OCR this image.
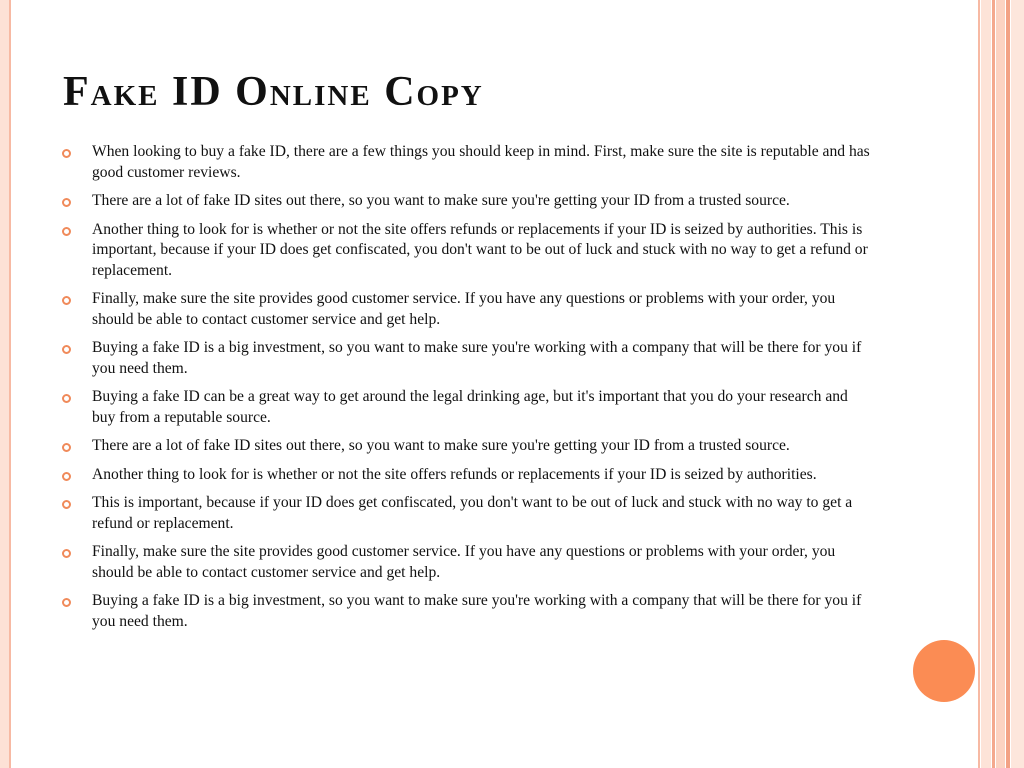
Fake ID Online Copy
When looking to buy a fake ID, there are a few things you should keep in mind. First, make sure the site is reputable and has good customer reviews.
There are a lot of fake ID sites out there, so you want to make sure you're getting your ID from a trusted source.
Another thing to look for is whether or not the site offers refunds or replacements if your ID is seized by authorities. This is important, because if your ID does get confiscated, you don't want to be out of luck and stuck with no way to get a refund or replacement.
Finally, make sure the site provides good customer service. If you have any questions or problems with your order, you should be able to contact customer service and get help.
Buying a fake ID is a big investment, so you want to make sure you're working with a company that will be there for you if you need them.
Buying a fake ID can be a great way to get around the legal drinking age, but it's important that you do your research and buy from a reputable source.
There are a lot of fake ID sites out there, so you want to make sure you're getting your ID from a trusted source.
Another thing to look for is whether or not the site offers refunds or replacements if your ID is seized by authorities.
This is important, because if your ID does get confiscated, you don't want to be out of luck and stuck with no way to get a refund or replacement.
Finally, make sure the site provides good customer service. If you have any questions or problems with your order, you should be able to contact customer service and get help.
Buying a fake ID is a big investment, so you want to make sure you're working with a company that will be there for you if you need them.
